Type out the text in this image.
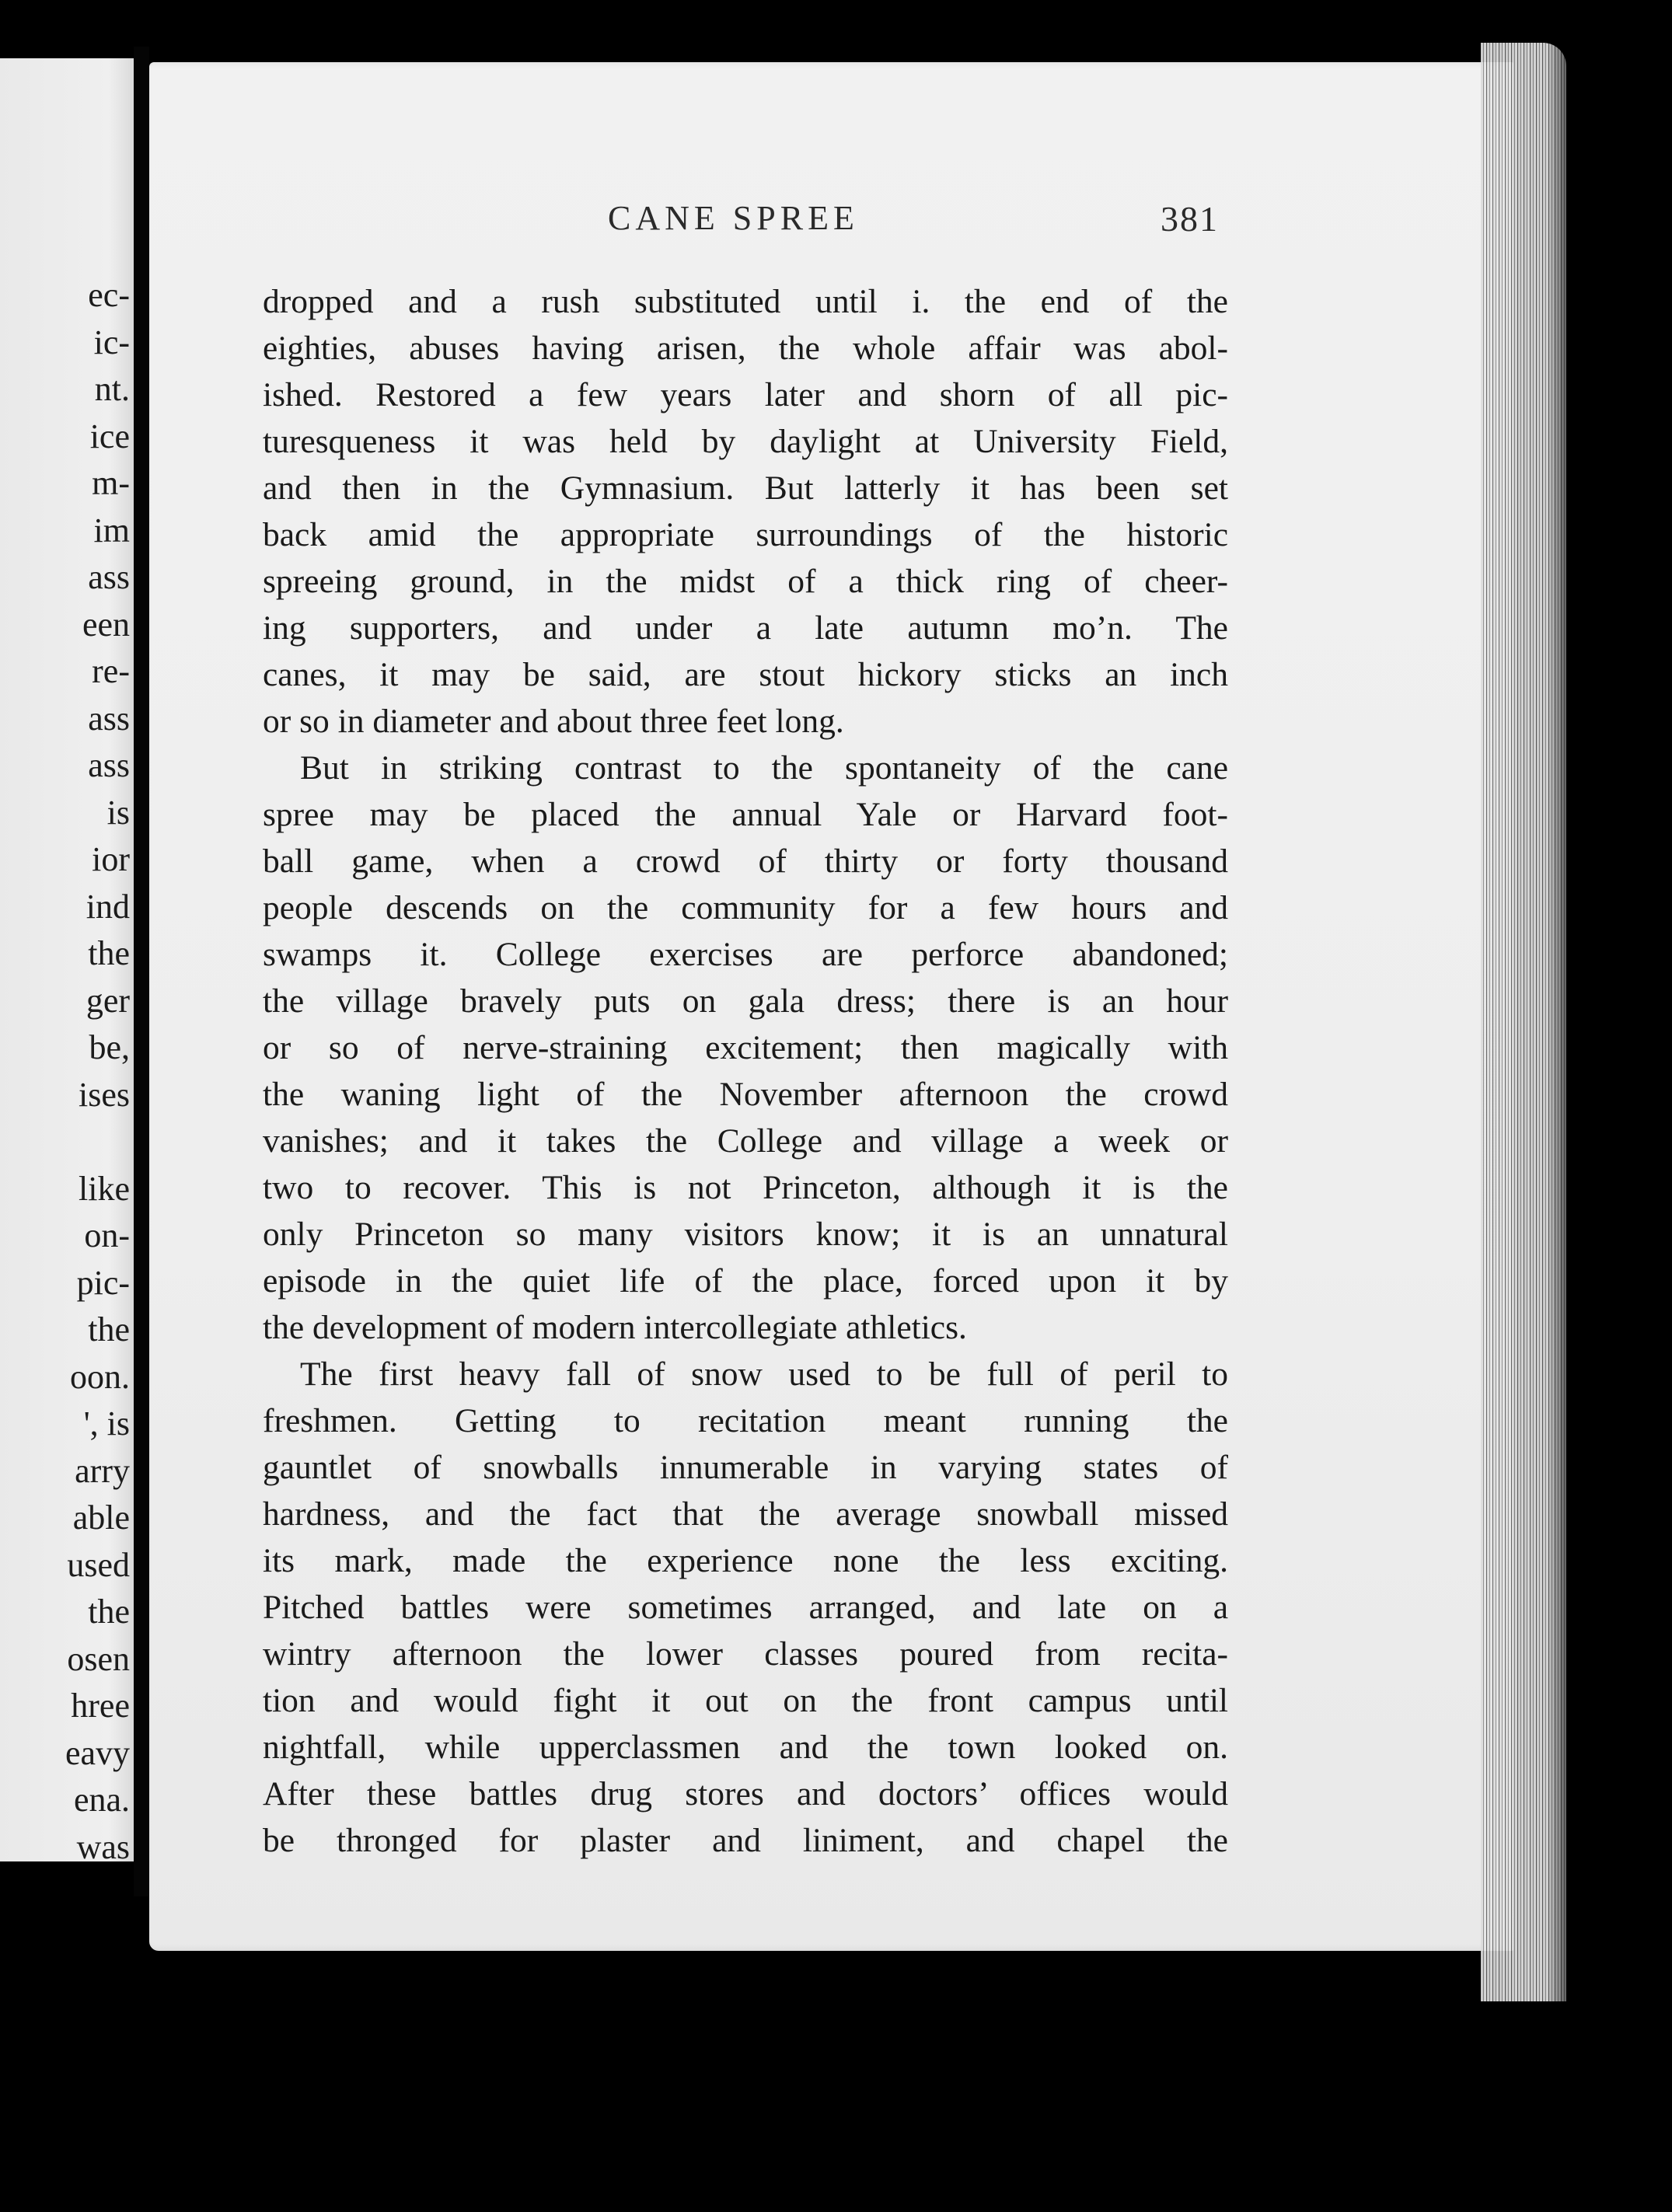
ec-
ic-
nt.
ice
m-
im
ass
een
re-
ass
ass
is
ior
ind
the
ger
be,
ises
like
on-
pic-
the
oon.
', is
arry
able
used
the
osen
hree
eavy
ena.
was
CANE SPREE	381
dropped and a rush substituted until i. the end of the
eighties, abuses having arisen, the whole affair was abol-
ished. Restored a few years later and shorn of all pic-
turesqueness it was held by daylight at University Field,
and then in the Gymnasium. But latterly it has been set
back amid the appropriate surroundings of the historic
spreeing ground, in the midst of a thick ring of cheer-
ing supporters, and under a late autumn mo’n. The
canes, it may be said, are stout hickory sticks an inch
or so in diameter and about three feet long.
But in striking contrast to the spontaneity of the cane
spree may be placed the annual Yale or Harvard foot-
ball game, when a crowd of thirty or forty thousand
people descends on the community for a few hours and
swamps it. College exercises are perforce abandoned;
the village bravely puts on gala dress; there is an hour
or so of nerve-straining excitement; then magically with
the waning light of the November afternoon the crowd
vanishes; and it takes the College and village a week or
two to recover. This is not Princeton, although it is the
only Princeton so many visitors know; it is an unnatural
episode in the quiet life of the place, forced upon it by
the development of modern intercollegiate athletics.
The first heavy fall of snow used to be full of peril to
freshmen. Getting to recitation meant running the
gauntlet of snowballs innumerable in varying states of
hardness, and the fact that the average snowball missed
its mark, made the experience none the less exciting.
Pitched battles were sometimes arranged, and late on a
wintry afternoon the lower classes poured from recita-
tion and would fight it out on the front campus until
nightfall, while upperclassmen and the town looked on.
After these battles drug stores and doctors’ offices would
be thronged for plaster and liniment, and chapel the
